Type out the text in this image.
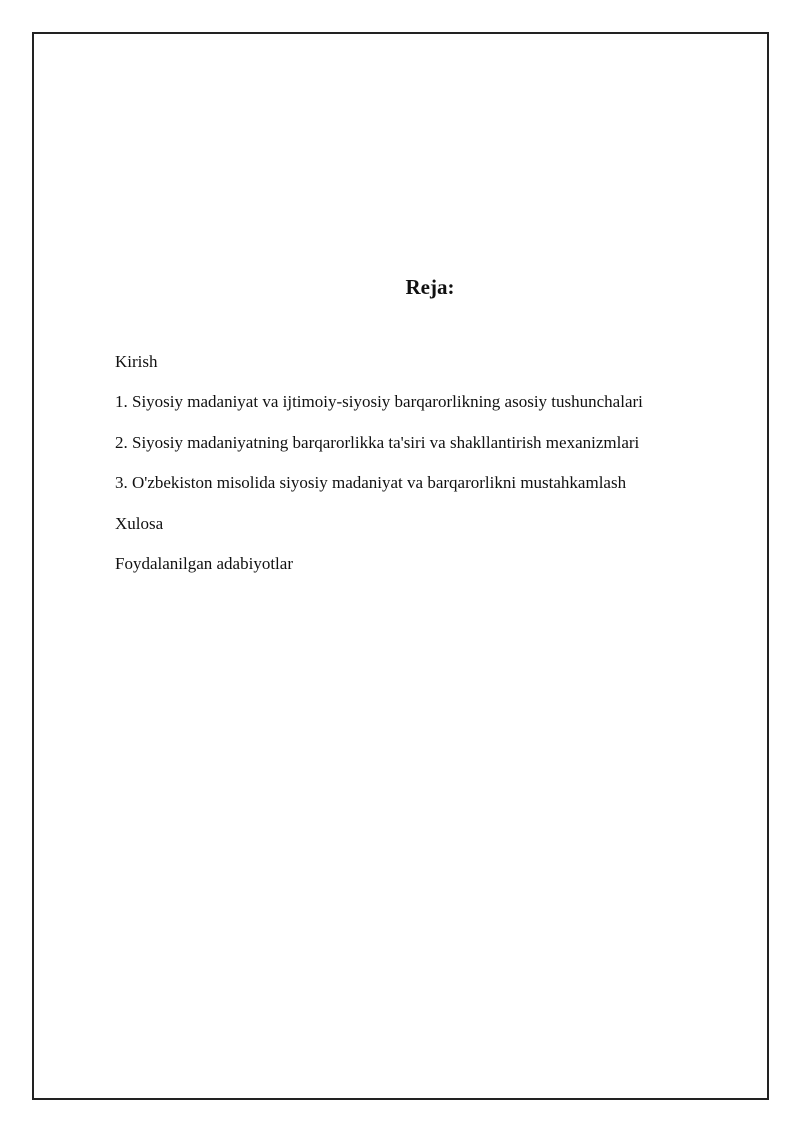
Reja:
Kirish
1. Siyosiy madaniyat va ijtimoiy-siyosiy barqarorlikning asosiy tushunchalari
2. Siyosiy madaniyatning barqarorlikka ta'siri va shakllantirish mexanizmlari
3. O'zbekiston misolida siyosiy madaniyat va barqarorlikni mustahkamlash
Xulosa
Foydalanilgan adabiyotlar
